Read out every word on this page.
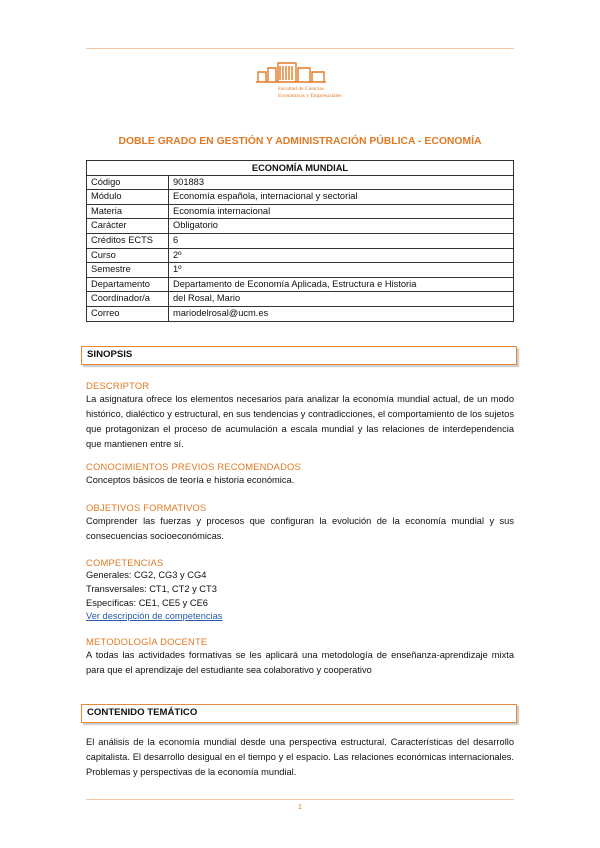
Facultad de Ciencias
Económicas y Empresariales
DOBLE GRADO EN GESTIÓN Y ADMINISTRACIÓN PÚBLICA - ECONOMÍA
ECONOMÍA MUNDIAL	
Código	901883
Módulo	Economía española, internacional y sectorial
Materia	Economía internacional
Carácter	Obligatorio
Créditos ECTS	6
Curso	2º
Semestre	1º
Departamento	Departamento de Economía Aplicada, Estructura e Historia
Coordinador/a	del Rosal, Mario
Correo	mariodelrosal@ucm.es
SINOPSIS
DESCRIPTOR
La asignatura ofrece los elementos necesarios para analizar la economía mundial actual, de un modo histórico, dialéctico y estructural, en sus tendencias y contradicciones, el comportamiento de los sujetos que protagonizan el proceso de acumulación a escala mundial y las relaciones de interdependencia que mantienen entre sí.
CONOCIMIENTOS PREVIOS RECOMENDADOS
Conceptos básicos de teoría e historia económica.
OBJETIVOS FORMATIVOS
Comprender las fuerzas y procesos que configuran la evolución de la economía mundial y sus consecuencias socioeconómicas.
COMPETENCIAS
Generales: CG2, CG3 y CG4
Transversales: CT1, CT2 y CT3
Específicas: CE1, CE5 y CE6
Ver descripción de competencias
METODOLOGÍA DOCENTE
A todas las actividades formativas se les aplicará una metodología de enseñanza-aprendizaje mixta para que el aprendizaje del estudiante sea colaborativo y cooperativo
CONTENIDO TEMÁTICO
El análisis de la economía mundial desde una perspectiva estructural. Características del desarrollo capitalista. El desarrollo desigual en el tiempo y el espacio. Las relaciones económicas internacionales. Problemas y perspectivas de la economía mundial.
1
